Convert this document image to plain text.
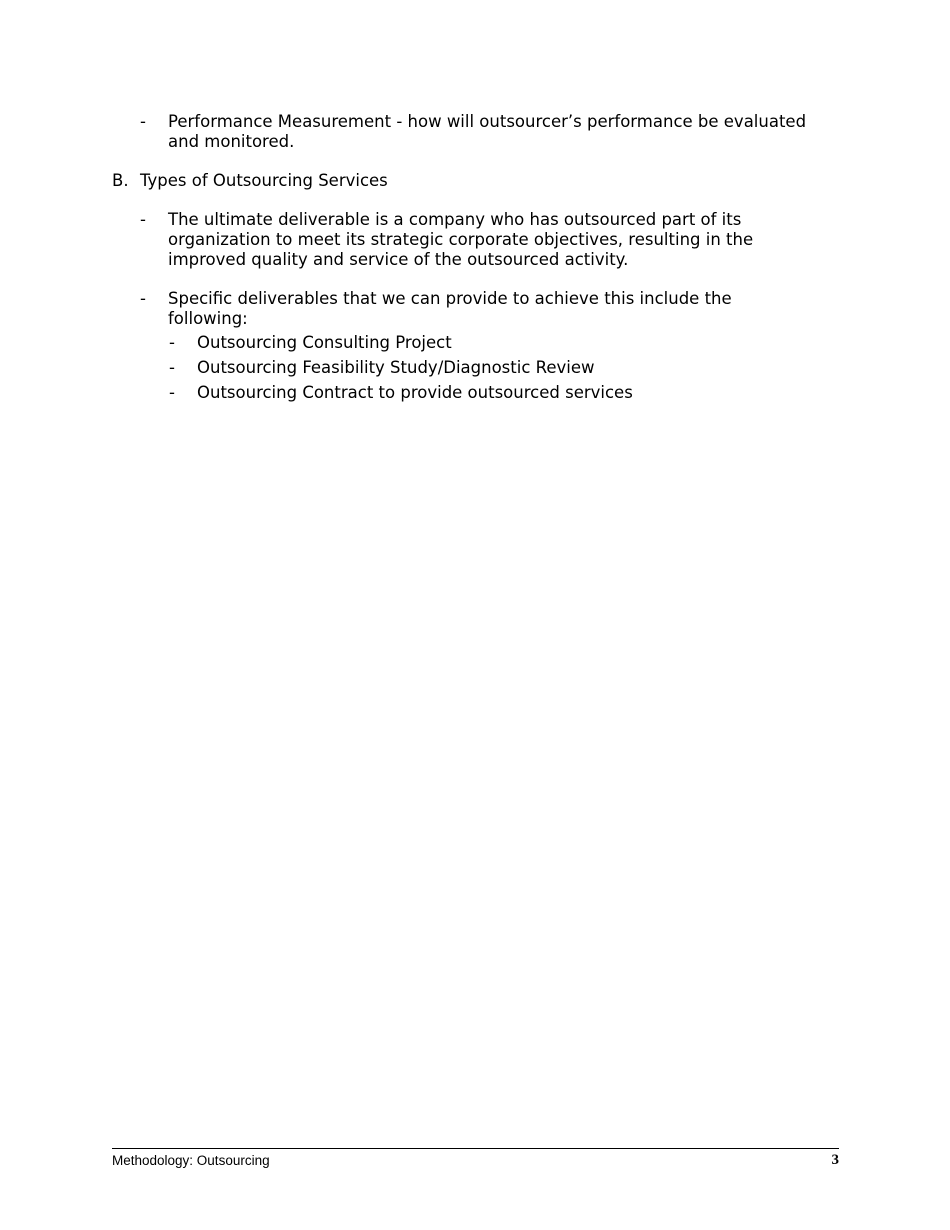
-	Performance Measurement - how will outsourcer’s performance be evaluated and monitored.
B. Types of Outsourcing Services
-	The ultimate deliverable is a company who has outsourced part of its organization to meet its strategic corporate objectives, resulting in the improved quality and service of the outsourced activity.
-	Specific deliverables that we can provide to achieve this include the following:
-	Outsourcing Consulting Project
-	Outsourcing Feasibility Study/Diagnostic Review
-	Outsourcing Contract to provide outsourced services
Methodology: Outsourcing	3
